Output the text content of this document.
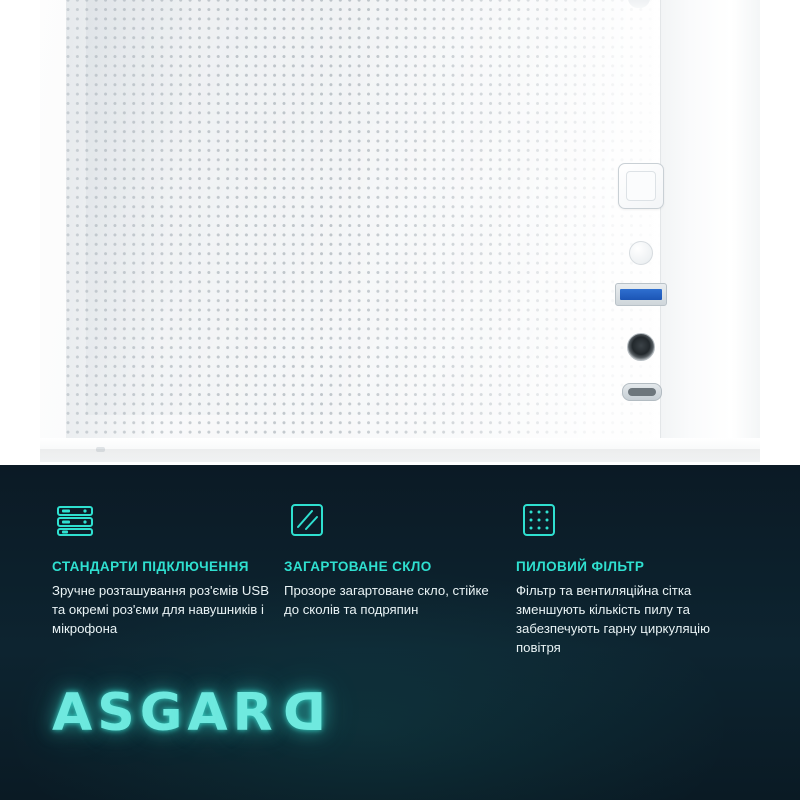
СТАНДАРТИ ПІДКЛЮЧЕННЯ
Зручне розташування роз'ємів USB та окремі роз'єми для навушників і мікрофона
ЗАГАРТОВАНЕ СКЛО
Прозоре загартоване скло, стійке до сколів та подряпин
ПИЛОВИЙ ФІЛЬТР
Фільтр та вентиляційна сітка зменшують кількість пилу та забезпечують гарну циркуляцію повітря
ASGARD
